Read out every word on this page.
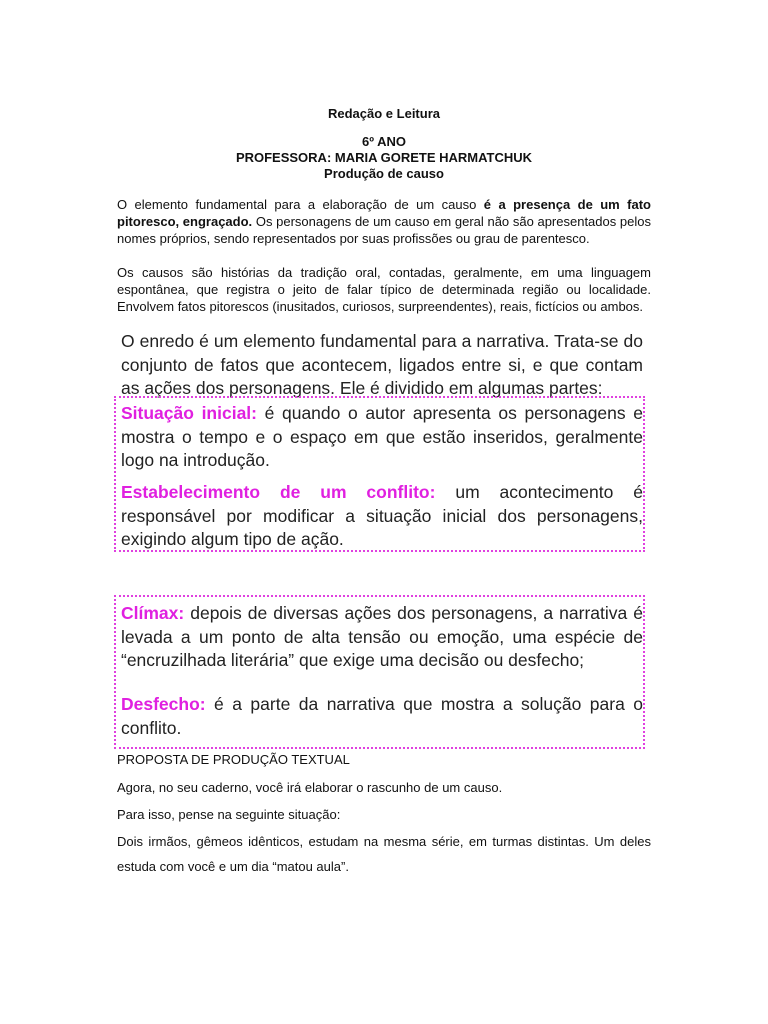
Redação e Leitura
6º ANO
PROFESSORA: MARIA GORETE HARMATCHUK
Produção de causo

O elemento fundamental para a elaboração de um causo é a presença de um fato pitoresco, engraçado. Os personagens de um causo em geral não são apresentados pelos nomes próprios, sendo representados por suas profissões ou grau de parentesco.

Os causos são histórias da tradição oral, contadas, geralmente, em uma linguagem espontânea, que registra o jeito de falar típico de determinada região ou localidade. Envolvem fatos pitorescos (inusitados, curiosos, surpreendentes), reais, fictícios ou ambos.

O enredo é um elemento fundamental para a narrativa. Trata-se do conjunto de fatos que acontecem, ligados entre si, e que contam as ações dos personagens. Ele é dividido em algumas partes:

Situação inicial: é quando o autor apresenta os personagens e mostra o tempo e o espaço em que estão inseridos, geralmente logo na introdução.

Estabelecimento de um conflito: um acontecimento é responsável por modificar a situação inicial dos personagens, exigindo algum tipo de ação.

Clímax: depois de diversas ações dos personagens, a narrativa é levada a um ponto de alta tensão ou emoção, uma espécie de “encruzilhada literária” que exige uma decisão ou desfecho;

Desfecho: é a parte da narrativa que mostra a solução para o conflito.

PROPOSTA DE PRODUÇÃO TEXTUAL
Agora, no seu caderno, você irá elaborar o rascunho de um causo.
Para isso, pense na seguinte situação:

Dois irmãos, gêmeos idênticos, estudam na mesma série, em turmas distintas. Um deles estuda com você e um dia “matou aula”.
